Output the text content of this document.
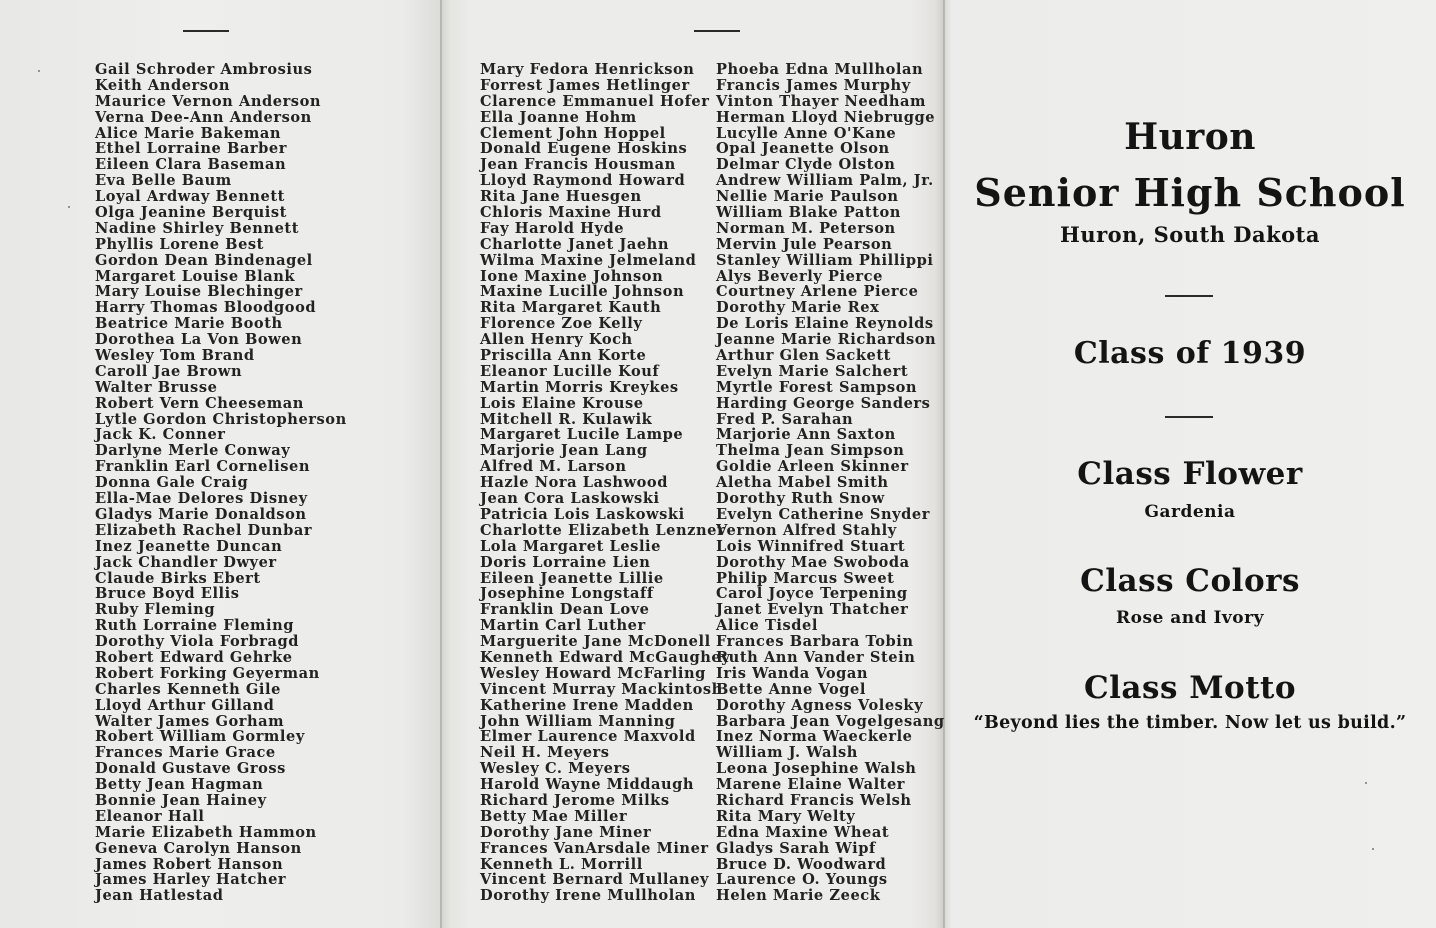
Gail Schroder Ambrosius
Keith Anderson
Maurice Vernon Anderson
Verna Dee-Ann Anderson
Alice Marie Bakeman
Ethel Lorraine Barber
Eileen Clara Baseman
Eva Belle Baum
Loyal Ardway Bennett
Olga Jeanine Berquist
Nadine Shirley Bennett
Phyllis Lorene Best
Gordon Dean Bindenagel
Margaret Louise Blank
Mary Louise Blechinger
Harry Thomas Bloodgood
Beatrice Marie Booth
Dorothea La Von Bowen
Wesley Tom Brand
Caroll Jae Brown
Walter Brusse
Robert Vern Cheeseman
Lytle Gordon Christopherson
Jack K. Conner
Darlyne Merle Conway
Franklin Earl Cornelisen
Donna Gale Craig
Ella-Mae Delores Disney
Gladys Marie Donaldson
Elizabeth Rachel Dunbar
Inez Jeanette Duncan
Jack Chandler Dwyer
Claude Birks Ebert
Bruce Boyd Ellis
Ruby Fleming
Ruth Lorraine Fleming
Dorothy Viola Forbragd
Robert Edward Gehrke
Robert Forking Geyerman
Charles Kenneth Gile
Lloyd Arthur Gilland
Walter James Gorham
Robert William Gormley
Frances Marie Grace
Donald Gustave Gross
Betty Jean Hagman
Bonnie Jean Hainey
Eleanor Hall
Marie Elizabeth Hammon
Geneva Carolyn Hanson
James Robert Hanson
James Harley Hatcher
Jean Hatlestad
Mary Fedora Henrickson
Forrest James Hetlinger
Clarence Emmanuel Hofer
Ella Joanne Hohm
Clement John Hoppel
Donald Eugene Hoskins
Jean Francis Housman
Lloyd Raymond Howard
Rita Jane Huesgen
Chloris Maxine Hurd
Fay Harold Hyde
Charlotte Janet Jaehn
Wilma Maxine Jelmeland
Ione Maxine Johnson
Maxine Lucille Johnson
Rita Margaret Kauth
Florence Zoe Kelly
Allen Henry Koch
Priscilla Ann Korte
Eleanor Lucille Kouf
Martin Morris Kreykes
Lois Elaine Krouse
Mitchell R. Kulawik
Margaret Lucile Lampe
Marjorie Jean Lang
Alfred M. Larson
Hazle Nora Lashwood
Jean Cora Laskowski
Patricia Lois Laskowski
Charlotte Elizabeth Lenzner
Lola Margaret Leslie
Doris Lorraine Lien
Eileen Jeanette Lillie
Josephine Longstaff
Franklin Dean Love
Martin Carl Luther
Marguerite Jane McDonell
Kenneth Edward McGaughey
Wesley Howard McFarling
Vincent Murray Mackintosh
Katherine Irene Madden
John William Manning
Elmer Laurence Maxvold
Neil H. Meyers
Wesley C. Meyers
Harold Wayne Middaugh
Richard Jerome Milks
Betty Mae Miller
Dorothy Jane Miner
Frances VanArsdale Miner
Kenneth L. Morrill
Vincent Bernard Mullaney
Dorothy Irene Mullholan
Phoeba Edna Mullholan
Francis James Murphy
Vinton Thayer Needham
Herman Lloyd Niebrugge
Lucylle Anne O'Kane
Opal Jeanette Olson
Delmar Clyde Olston
Andrew William Palm, Jr.
Nellie Marie Paulson
William Blake Patton
Norman M. Peterson
Mervin Jule Pearson
Stanley William Phillippi
Alys Beverly Pierce
Courtney Arlene Pierce
Dorothy Marie Rex
De Loris Elaine Reynolds
Jeanne Marie Richardson
Arthur Glen Sackett
Evelyn Marie Salchert
Myrtle Forest Sampson
Harding George Sanders
Fred P. Sarahan
Marjorie Ann Saxton
Thelma Jean Simpson
Goldie Arleen Skinner
Aletha Mabel Smith
Dorothy Ruth Snow
Evelyn Catherine Snyder
Vernon Alfred Stahly
Lois Winnifred Stuart
Dorothy Mae Swoboda
Philip Marcus Sweet
Carol Joyce Terpening
Janet Evelyn Thatcher
Alice Tisdel
Frances Barbara Tobin
Ruth Ann Vander Stein
Iris Wanda Vogan
Bette Anne Vogel
Dorothy Agness Volesky
Barbara Jean Vogelgesang
Inez Norma Waeckerle
William J. Walsh
Leona Josephine Walsh
Marene Elaine Walter
Richard Francis Welsh
Rita Mary Welty
Edna Maxine Wheat
Gladys Sarah Wipf
Bruce D. Woodward
Laurence O. Youngs
Helen Marie Zeeck
Huron
Senior High School
Huron, South Dakota
Class of 1939
Class Flower
Gardenia
Class Colors
Rose and Ivory
Class Motto
“Beyond lies the timber. Now let us build.”
